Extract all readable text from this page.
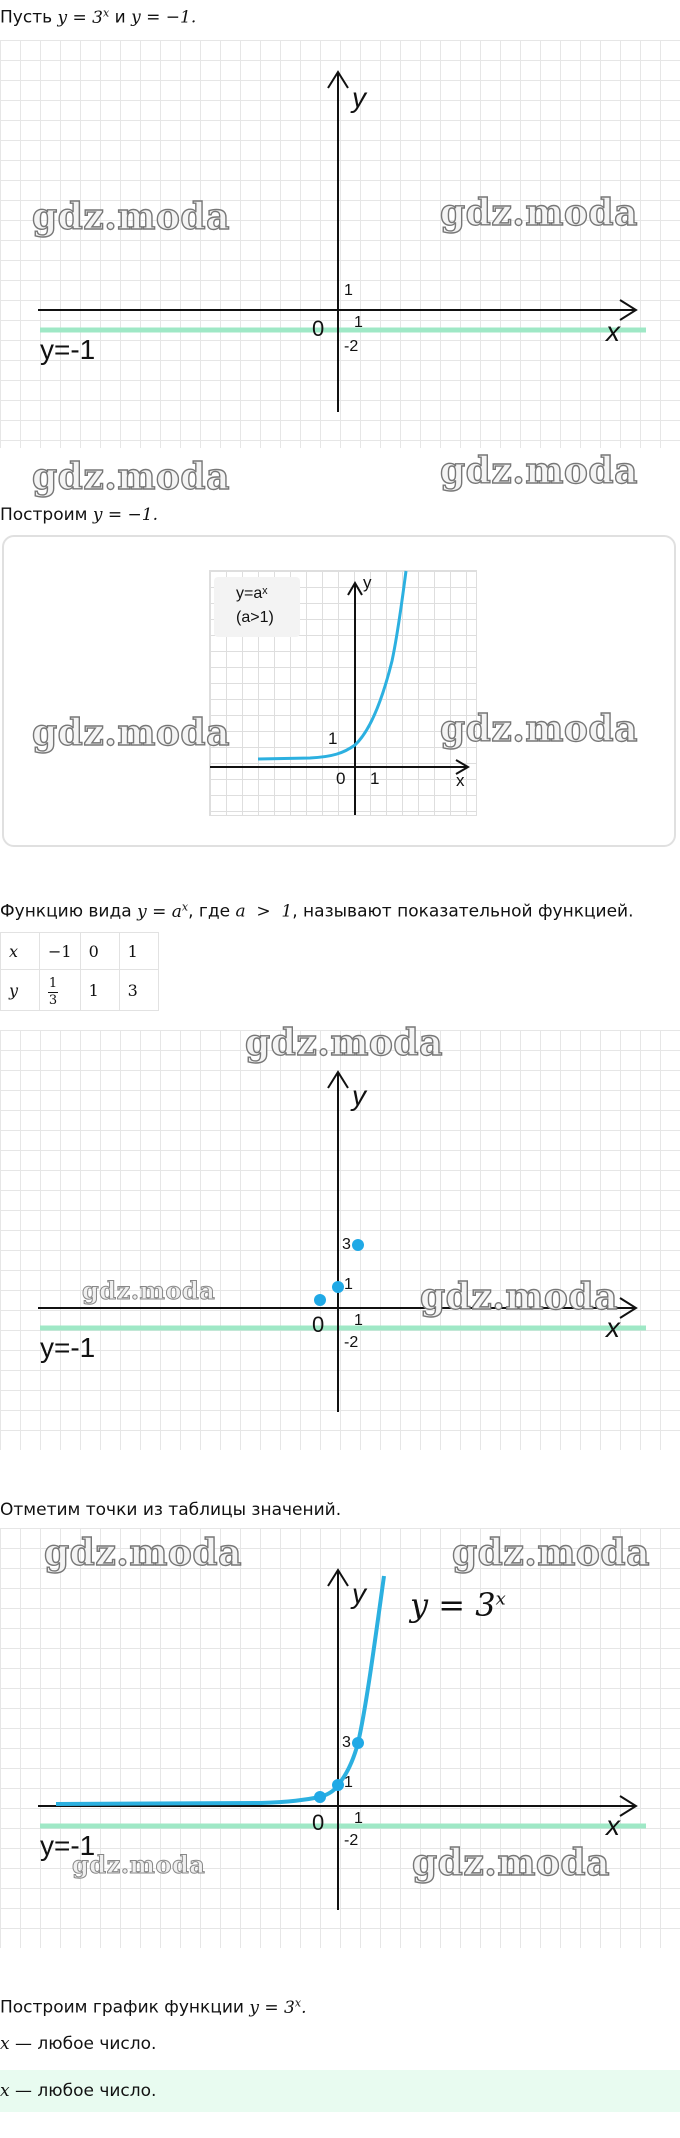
Пусть $y = 3^x$ и y = −1.

y
x
0
1
1
-2
y=-1
gdz.moda	gdz.moda
gdz.moda	gdz.moda

Построим y = −1.

y=aˣ
(a>1)
y
x
0 1
1
gdz.moda	gdz.moda

Функцию вида $y = a^x$, где a  >  1, называют показательной функцией.

x	−1	0	1
y	$\frac{1}{3}$	1	3
y
x
0
1
3
1
-2
y=-1
gdz.moda
gdz.moda	gdz.moda

Отметим точки из таблицы значений.

y
x
0
1
3
1
-2
y=-1
$y = 3^x$
gdz.moda	gdz.moda
gdz.moda	gdz.moda

Построим график функции $y = 3^x$.

x — любое число.

x — любое число.
